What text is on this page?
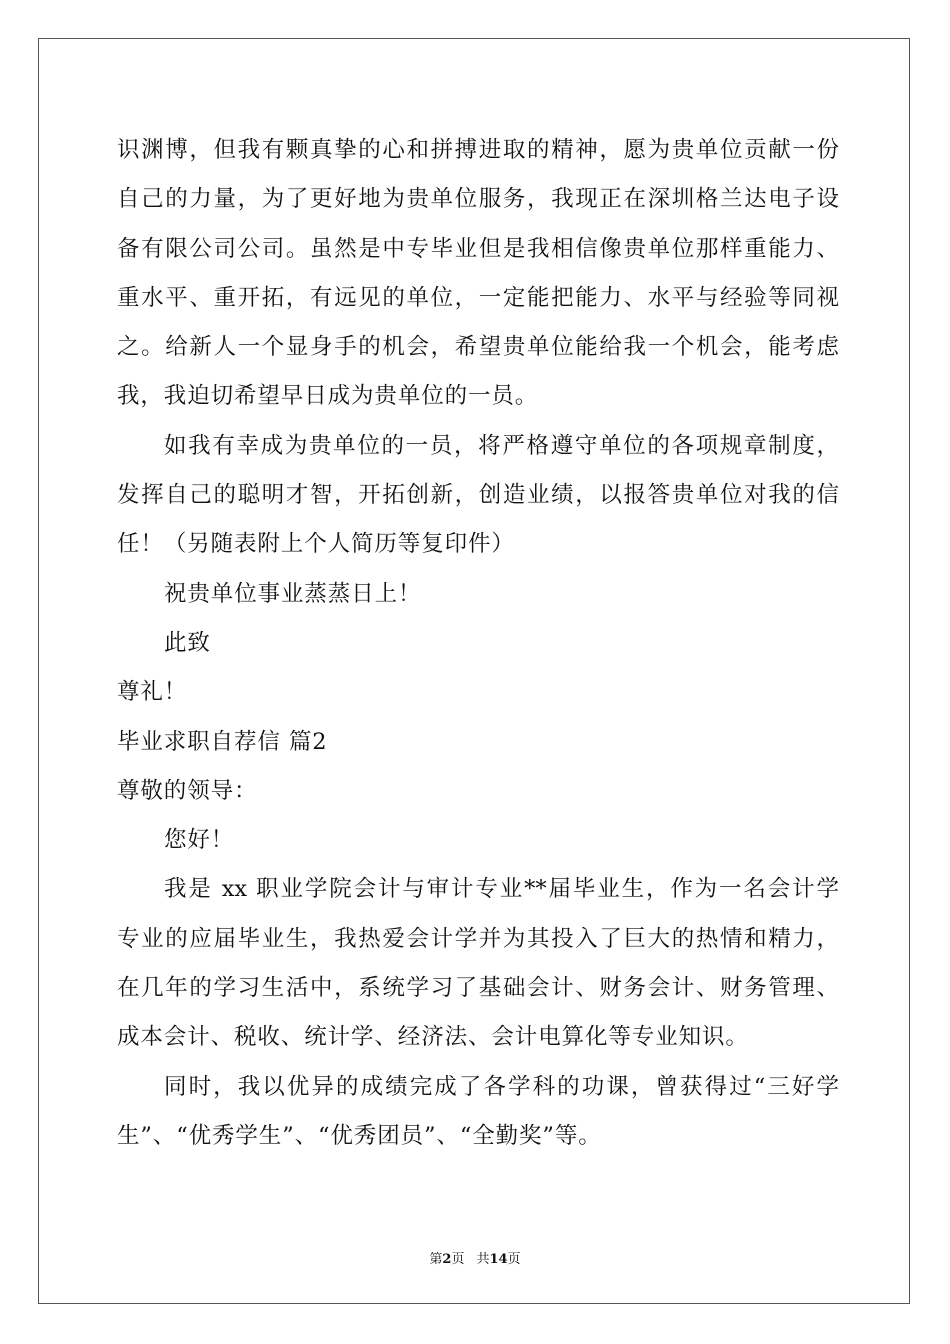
识渊博，但我有颗真挚的心和拼搏进取的精神，愿为贵单位贡献一份
自己的力量，为了更好地为贵单位服务，我现正在深圳格兰达电子设
备有限公司公司。虽然是中专毕业但是我相信像贵单位那样重能力、
重水平、重开拓，有远见的单位，一定能把能力、水平与经验等同视
之。给新人一个显身手的机会，希望贵单位能给我一个机会，能考虑
我，我迫切希望早日成为贵单位的一员。
如我有幸成为贵单位的一员，将严格遵守单位的各项规章制度，
发挥自己的聪明才智，开拓创新，创造业绩，以报答贵单位对我的信
任！（另随表附上个人简历等复印件）
祝贵单位事业蒸蒸日上！
此致
尊礼！
毕业求职自荐信 篇2
尊敬的领导：
您好！
我是 xx 职业学院会计与审计专业**届毕业生，作为一名会计学
专业的应届毕业生，我热爱会计学并为其投入了巨大的热情和精力，
在几年的学习生活中，系统学习了基础会计、财务会计、财务管理、
成本会计、税收、统计学、经济法、会计电算化等专业知识。
同时，我以优异的成绩完成了各学科的功课，曾获得过“三好学
生”、“优秀学生”、“优秀团员”、“全勤奖”等。
第2页 共14页
